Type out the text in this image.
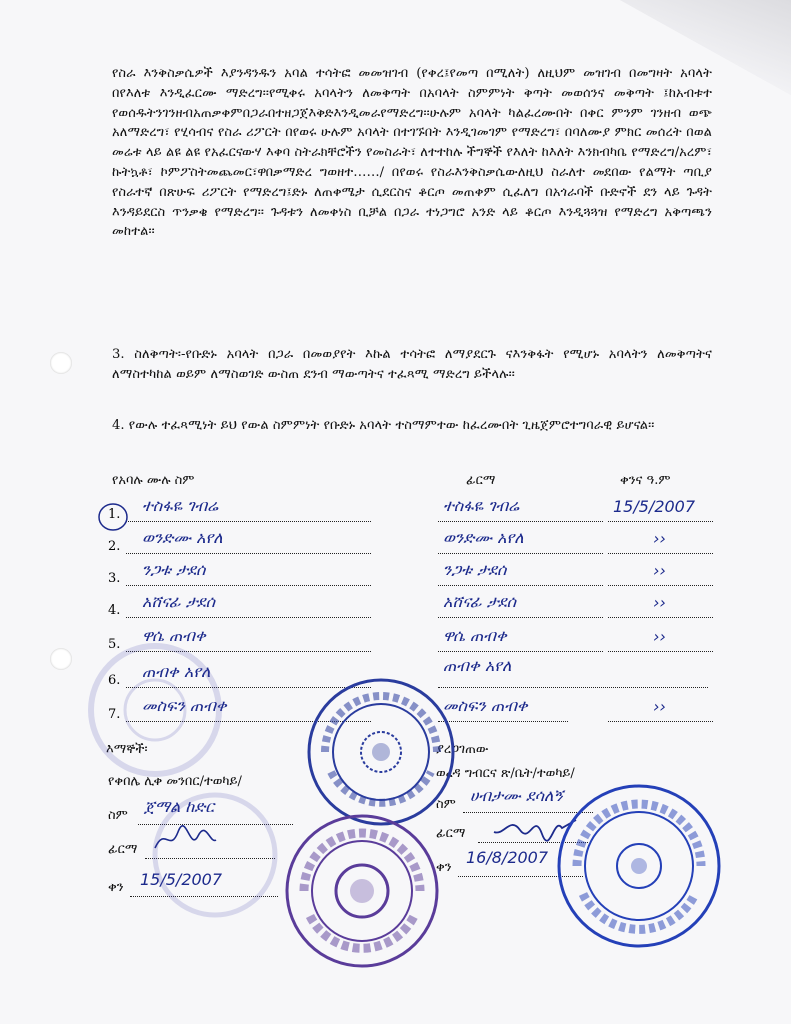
የስራ እንቅስቃሴዎች እያንዳንዱን አባል ተሳትፎ መመዝገብ (የቀረ፤የመጣ በሚለት) ለዚህም መዝገብ በመግዛት አባላት በየእለቱ እንዲፈርሙ ማድረግ፡፡የሚቀሩ አባላትን ለመቅጣት በአባላት ስምምነት ቅጣት መወሰንና መቅጣት ፤ከአብቱተ የወሰዱትንገንዘብአጠቃቀምበጋራበተዘጋጀእቅድእንዲመራየማድረግ፡፡ሁሉም አባላት ካልፈረሙበት በቀር ምንም ገንዘብ ወጭ አለማድረግ፣ የሂሳብና የስራ ሪፖርት በየወሩ ሁሉም አባላት በተገኙበት እንዲገመገም የማድረግ፣ በባለሙያ ምክር መሰረት በወል መሬቱ ላይ ልዩ ልዩ የአፈርናውሃ እቀባ ስትራክቸሮችን የመስራት፣ ለተተከሉ ችግኞች የእለት ከእለት እንክብካቤ የማድረግ/አረም፣ ኩትኳቶ፣ ኮምፖስትመጨመር፣ዋበቃማድረ ግወዘተ……/ በየወሩ የስራእንቅስቃሴውለዚህ ስራለተ መደበው የልማት ጣቢያ የስራተኛ በጽሁፍ ሪፖርት የማድረግ፤ድኑ ለጠቀሜታ ሲደርስና ቆርጦ መጠቀም ሲፈለግ በአጎራባች ቡድኖች ደን ላይ ጉዳት እንዳይደርስ ጥንቃቄ የማድረግ፡፡ ጉዳቱን ለመቀነስ ቢቻል በጋራ ተነጋግሮ አንድ ላይ ቆርጦ እንዲጓጓዝ የማድረግ አቅጣጫን መከተል፡፡

3. ስለቅጣት፡-የቡድኑ አባላት በጋራ በመወያየት እኩል ተሳትፎ ለማያደርጉ ናእንቅፋት የሚሆኑ አባላትን ለመቅጣትና ለማስተካከል ወይም ለማስወገድ ውስጠ ደንብ ማውጣትና ተፈጻሚ ማድረግ ይችላሉ፡፡

4. የውሉ ተፈጻሚነት ይህ የውል ስምምነት የቡድኑ አባላት ተስማምተው ከፈረሙበት ጊዜጀምሮተግባራዊ ይሆናል፡፡

የአባሉ ሙሉ ስም	ፊርማ	ቀንና ዓ.ም
1. ተስፋዬ ገብሬ	ተስፋዬ ገብሬ	15/5/2007
2. ወንድሙ አየለ	ወንድሙ አየለ	››
3. ንጋቱ ታደሰ	ንጋቱ ታደሰ	››
4. አሸናፊ ታደሰ	አሸናፊ ታደሰ	››
5. ዋሴ ጠብቀ	ዋሴ ጠብቀ	››
6. ጠብቀ አየለ	ጠብቀ አየለ
7. መስፍን ጠብቀ	መስፍን ጠብቀ	››
እማኞች፡
የቀበሌ ሊቀ መንበር/ተወካይ/
ስም ጀማል ከድር
ፊርማ
ቀን 15/5/2007
ያረጋገጠው
ወረዳ ግብርና ጽ/ቤት/ተወካይ/
ስም ሀብታሙ ደሳለኝ
ፊርማ
ቀን
16/8/2007
